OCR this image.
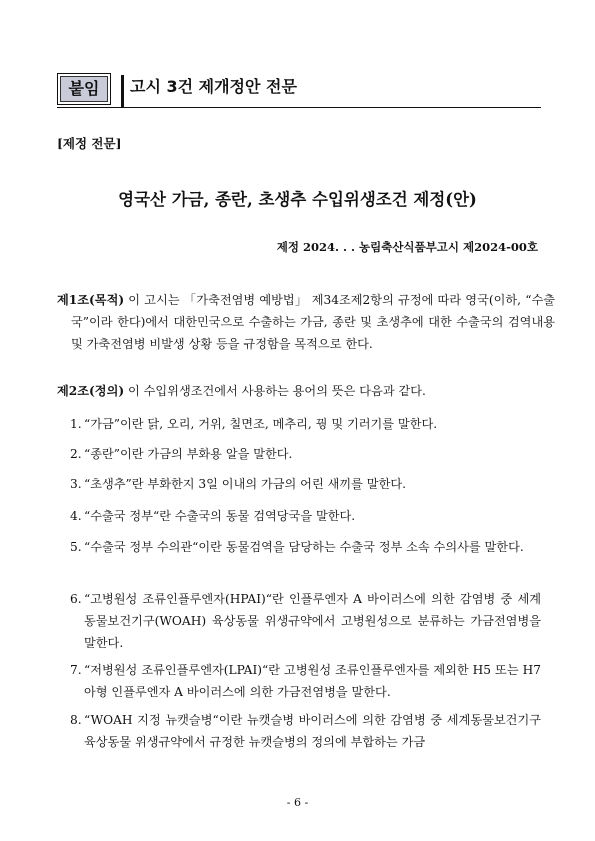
붙임	고시 3건 제개정안 전문
[제정 전문]
영국산 가금, 종란, 초생추 수입위생조건 제정(안)
제정 2024. . . 농림축산식품부고시 제2024-00호
제1조(목적) 이 고시는 「가축전염병 예방법」 제34조제2항의 규정에 따라 영국(이하, “수출국”이라 한다)에서 대한민국으로 수출하는 가금, 종란 및 초생추에 대한 수출국의 검역내용 및 가축전염병 비발생 상황 등을 규정함을 목적으로 한다.
제2조(정의) 이 수입위생조건에서 사용하는 용어의 뜻은 다음과 같다.
1. “가금”이란 닭, 오리, 거위, 칠면조, 메추리, 꿩 및 기러기를 말한다.
2. “종란”이란 가금의 부화용 알을 말한다.
3. “초생추”란 부화한지 3일 이내의 가금의 어린 새끼를 말한다.
4. “수출국 정부“란 수출국의 동물 검역당국을 말한다.
5. “수출국 정부 수의관“이란 동물검역을 담당하는 수출국 정부 소속 수의사를 말한다.
6. “고병원성 조류인플루엔자(HPAI)“란 인플루엔자 A 바이러스에 의한 감염병 중 세계동물보건기구(WOAH) 육상동물 위생규약에서 고병원성으로 분류하는 가금전염병을 말한다.
7. “저병원성 조류인플루엔자(LPAI)“란 고병원성 조류인플루엔자를 제외한 H5 또는 H7 아형 인플루엔자 A 바이러스에 의한 가금전염병을 말한다.
8. “WOAH 지정 뉴캣슬병“이란 뉴캣슬병 바이러스에 의한 감염병 중 세계동물보건기구 육상동물 위생규약에서 규정한 뉴캣슬병의 정의에 부합하는 가금
- 6 -
